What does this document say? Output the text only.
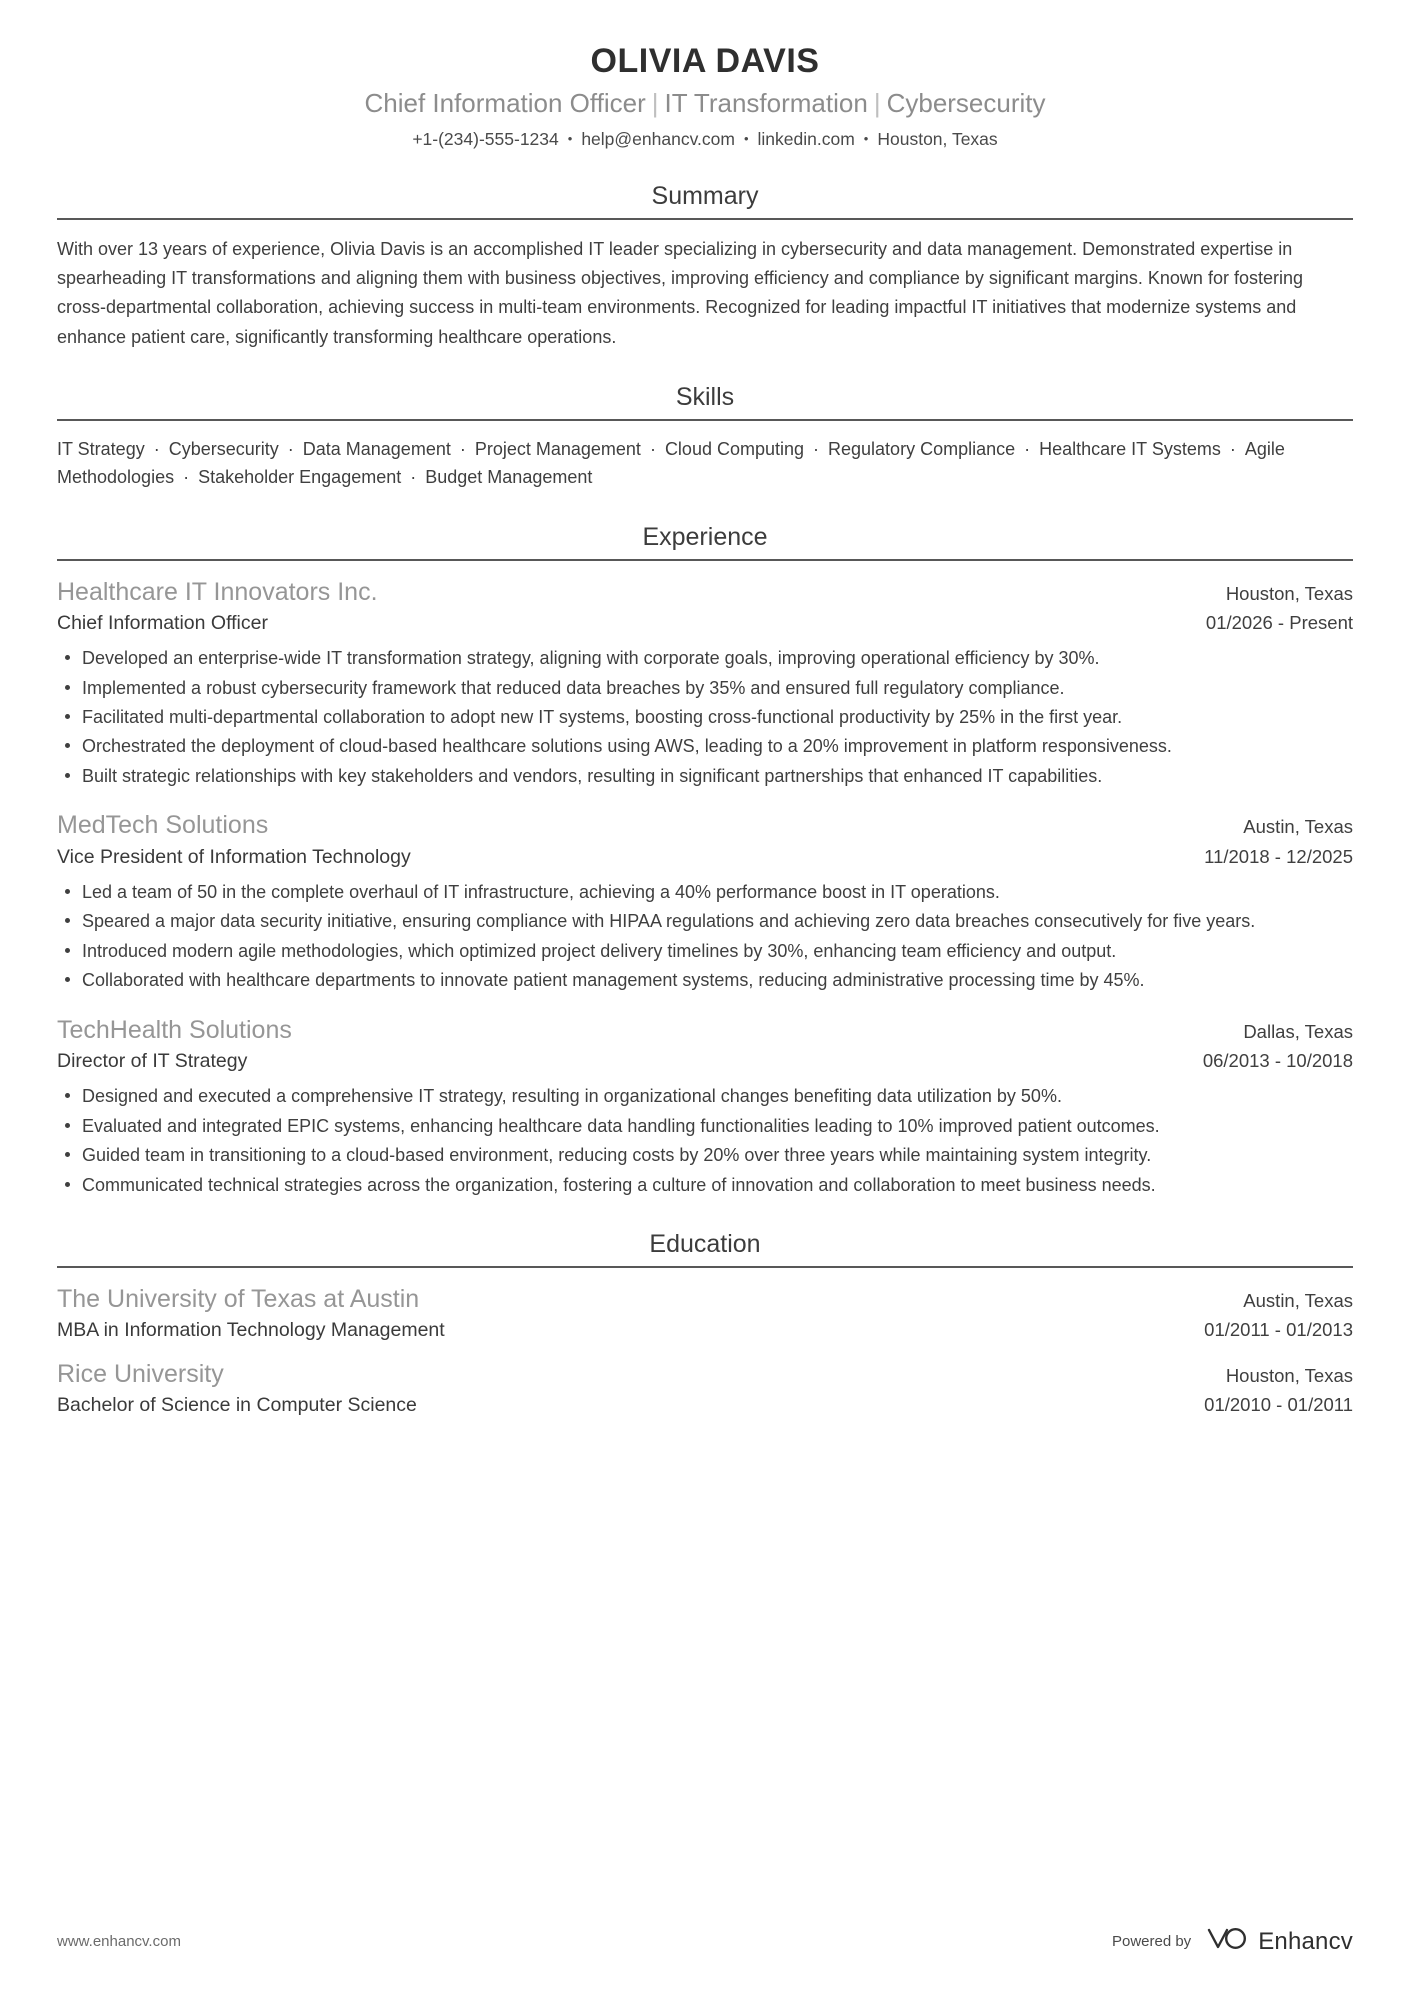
OLIVIA DAVIS
Chief Information Officer | IT Transformation | Cybersecurity
+1-(234)-555-1234 • help@enhancv.com • linkedin.com • Houston, Texas
Summary
With over 13 years of experience, Olivia Davis is an accomplished IT leader specializing in cybersecurity and data management. Demonstrated expertise in spearheading IT transformations and aligning them with business objectives, improving efficiency and compliance by significant margins. Known for fostering cross-departmental collaboration, achieving success in multi-team environments. Recognized for leading impactful IT initiatives that modernize systems and enhance patient care, significantly transforming healthcare operations.
Skills
IT Strategy · Cybersecurity · Data Management · Project Management · Cloud Computing · Regulatory Compliance · Healthcare IT Systems · Agile Methodologies · Stakeholder Engagement · Budget Management
Experience
Healthcare IT Innovators Inc.	Houston, Texas
Chief Information Officer	01/2026 - Present
Developed an enterprise-wide IT transformation strategy, aligning with corporate goals, improving operational efficiency by 30%.
Implemented a robust cybersecurity framework that reduced data breaches by 35% and ensured full regulatory compliance.
Facilitated multi-departmental collaboration to adopt new IT systems, boosting cross-functional productivity by 25% in the first year.
Orchestrated the deployment of cloud-based healthcare solutions using AWS, leading to a 20% improvement in platform responsiveness.
Built strategic relationships with key stakeholders and vendors, resulting in significant partnerships that enhanced IT capabilities.
MedTech Solutions	Austin, Texas
Vice President of Information Technology	11/2018 - 12/2025
Led a team of 50 in the complete overhaul of IT infrastructure, achieving a 40% performance boost in IT operations.
Speared a major data security initiative, ensuring compliance with HIPAA regulations and achieving zero data breaches consecutively for five years.
Introduced modern agile methodologies, which optimized project delivery timelines by 30%, enhancing team efficiency and output.
Collaborated with healthcare departments to innovate patient management systems, reducing administrative processing time by 45%.
TechHealth Solutions	Dallas, Texas
Director of IT Strategy	06/2013 - 10/2018
Designed and executed a comprehensive IT strategy, resulting in organizational changes benefiting data utilization by 50%.
Evaluated and integrated EPIC systems, enhancing healthcare data handling functionalities leading to 10% improved patient outcomes.
Guided team in transitioning to a cloud-based environment, reducing costs by 20% over three years while maintaining system integrity.
Communicated technical strategies across the organization, fostering a culture of innovation and collaboration to meet business needs.
Education
The University of Texas at Austin	Austin, Texas
MBA in Information Technology Management	01/2011 - 01/2013
Rice University	Houston, Texas
Bachelor of Science in Computer Science	01/2010 - 01/2011
www.enhancv.com	Powered by	Enhancv
